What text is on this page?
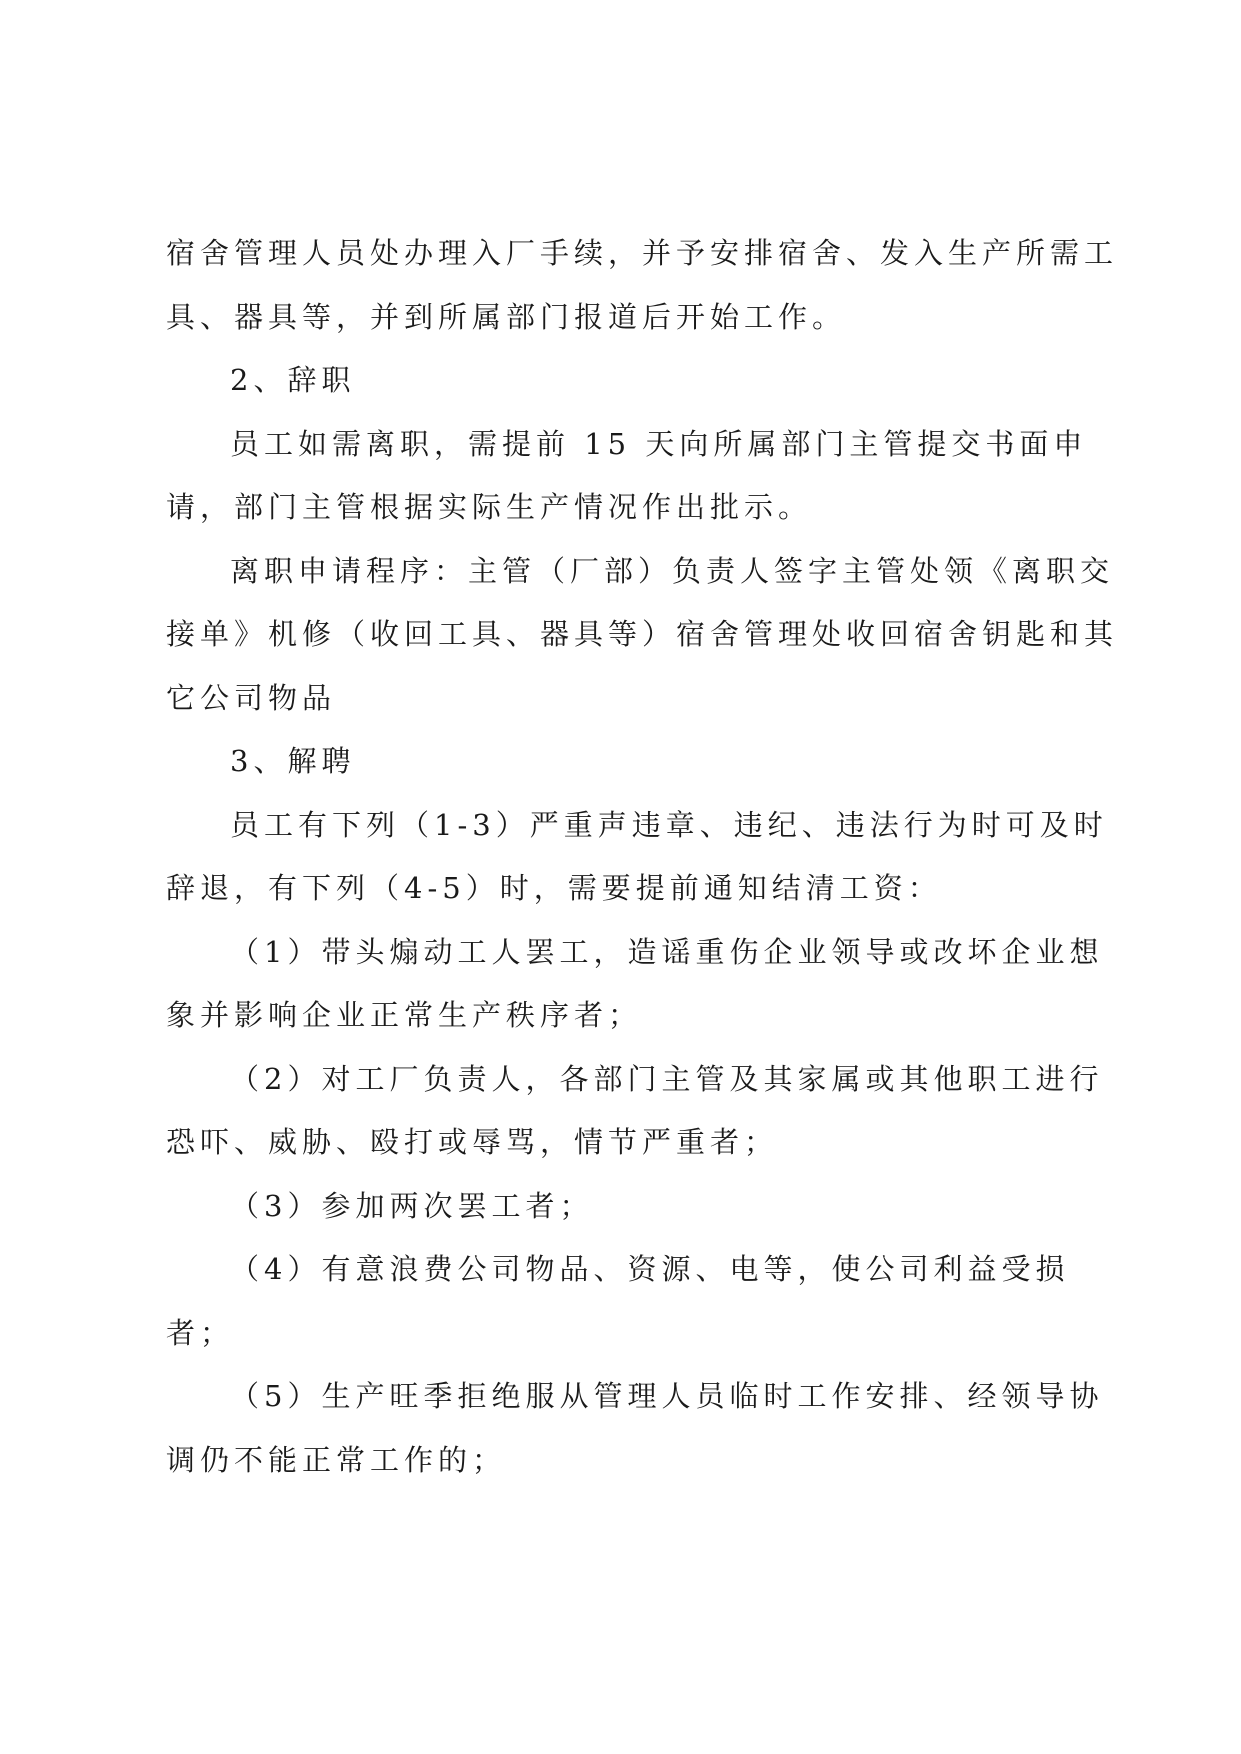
宿舍管理人员处办理入厂手续，并予安排宿舍、发入生产所需工
具、器具等，并到所属部门报道后开始工作。
2、辞职
员工如需离职，需提前 15 天向所属部门主管提交书面申
请，部门主管根据实际生产情况作出批示。
离职申请程序：主管（厂部）负责人签字主管处领《离职交
接单》机修（收回工具、器具等）宿舍管理处收回宿舍钥匙和其
它公司物品
3、解聘
员工有下列（1-3）严重声违章、违纪、违法行为时可及时
辞退，有下列（4-5）时，需要提前通知结清工资：
（1）带头煽动工人罢工，造谣重伤企业领导或改坏企业想
象并影响企业正常生产秩序者；
（2）对工厂负责人，各部门主管及其家属或其他职工进行
恐吓、威胁、殴打或辱骂，情节严重者；
（3）参加两次罢工者；
（4）有意浪费公司物品、资源、电等，使公司利益受损
者；
（5）生产旺季拒绝服从管理人员临时工作安排、经领导协
调仍不能正常工作的；
